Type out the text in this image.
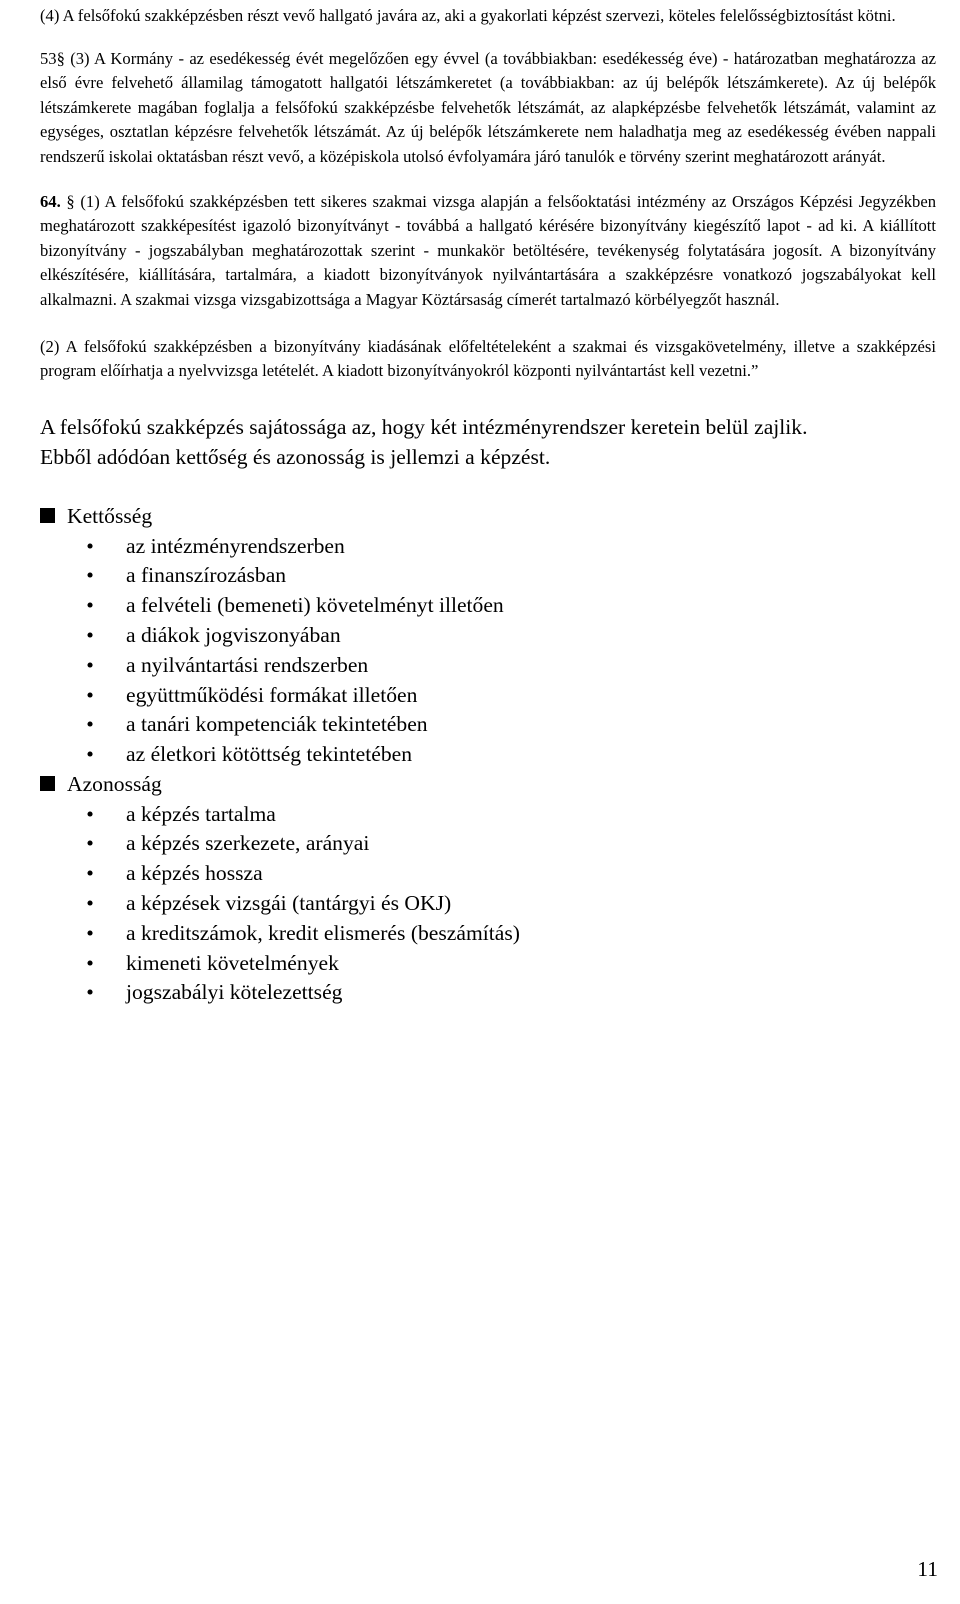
(4) A felsőfokú szakképzésben részt vevő hallgató javára az, aki a gyakorlati képzést szervezi, köteles felelősségbiztosítást kötni.

53§ (3) A Kormány - az esedékesség évét megelőzően egy évvel (a továbbiakban: esedékesség éve) - határozatban meghatározza az első évre felvehető államilag támogatott hallgatói létszámkeretet (a továbbiakban: az új belépők létszámkerete). Az új belépők létszámkerete magában foglalja a felsőfokú szakképzésbe felvehetők létszámát, az alapképzésbe felvehetők létszámát, valamint az egységes, osztatlan képzésre felvehetők létszámát. Az új belépők létszámkerete nem haladhatja meg az esedékesség évében nappali rendszerű iskolai oktatásban részt vevő, a középiskola utolsó évfolyamára járó tanulók e törvény szerint meghatározott arányát.

64. § (1) A felsőfokú szakképzésben tett sikeres szakmai vizsga alapján a felsőoktatási intézmény az Országos Képzési Jegyzékben meghatározott szakképesítést igazoló bizonyítványt - továbbá a hallgató kérésére bizonyítvány kiegészítő lapot - ad ki. A kiállított bizonyítvány - jogszabályban meghatározottak szerint - munkakör betöltésére, tevékenység folytatására jogosít. A bizonyítvány elkészítésére, kiállítására, tartalmára, a kiadott bizonyítványok nyilvántartására a szakképzésre vonatkozó jogszabályokat kell alkalmazni. A szakmai vizsga vizsgabizottsága a Magyar Köztársaság címerét tartalmazó körbélyegzőt használ.

(2) A felsőfokú szakképzésben a bizonyítvány kiadásának előfeltételeként a szakmai és vizsgakövetelmény, illetve a szakképzési program előírhatja a nyelvvizsga letételét. A kiadott bizonyítványokról központi nyilvántartást kell vezetni.”

A felsőfokú szakképzés sajátossága az, hogy két intézményrendszer keretein belül zajlik.

Ebből adódóan kettőség és azonosság is jellemzi a képzést.

Kettősség
• az intézményrendszerben
• a finanszírozásban
• a felvételi (bemeneti) követelményt illetően
• a diákok jogviszonyában
• a nyilvántartási rendszerben
• együttműködési formákat illetően
• a tanári kompetenciák tekintetében
• az életkori kötöttség tekintetében
Azonosság
• a képzés tartalma
• a képzés szerkezete, arányai
• a képzés hossza
• a képzések vizsgái (tantárgyi és OKJ)
• a kreditszámok, kredit elismerés (beszámítás)
• kimeneti követelmények
• jogszabályi kötelezettség
11
